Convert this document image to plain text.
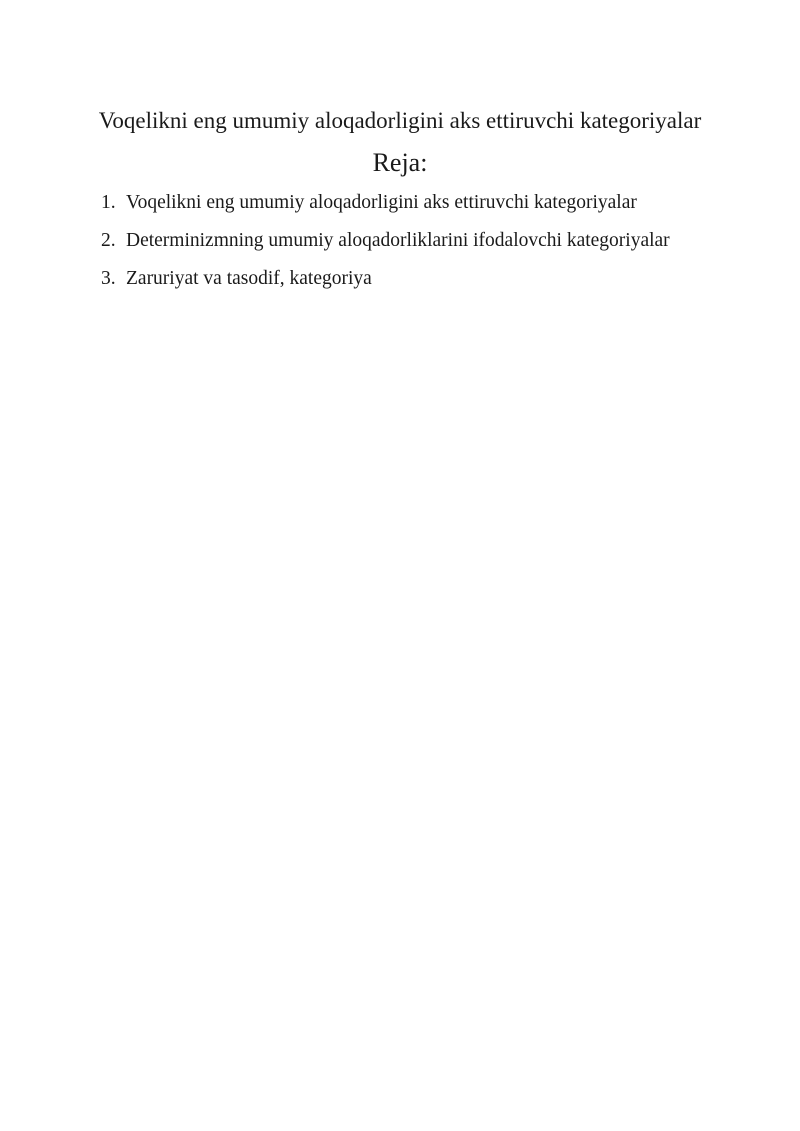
Voqelikni eng umumiy aloqadorligini aks ettiruvchi kategoriyalar
Reja:
1. Voqelikni eng umumiy aloqadorligini aks ettiruvchi kategoriyalar
2. Determinizmning umumiy aloqadorliklarini ifodalovchi kategoriyalar
3. Zaruriyat va tasodif, kategoriya
